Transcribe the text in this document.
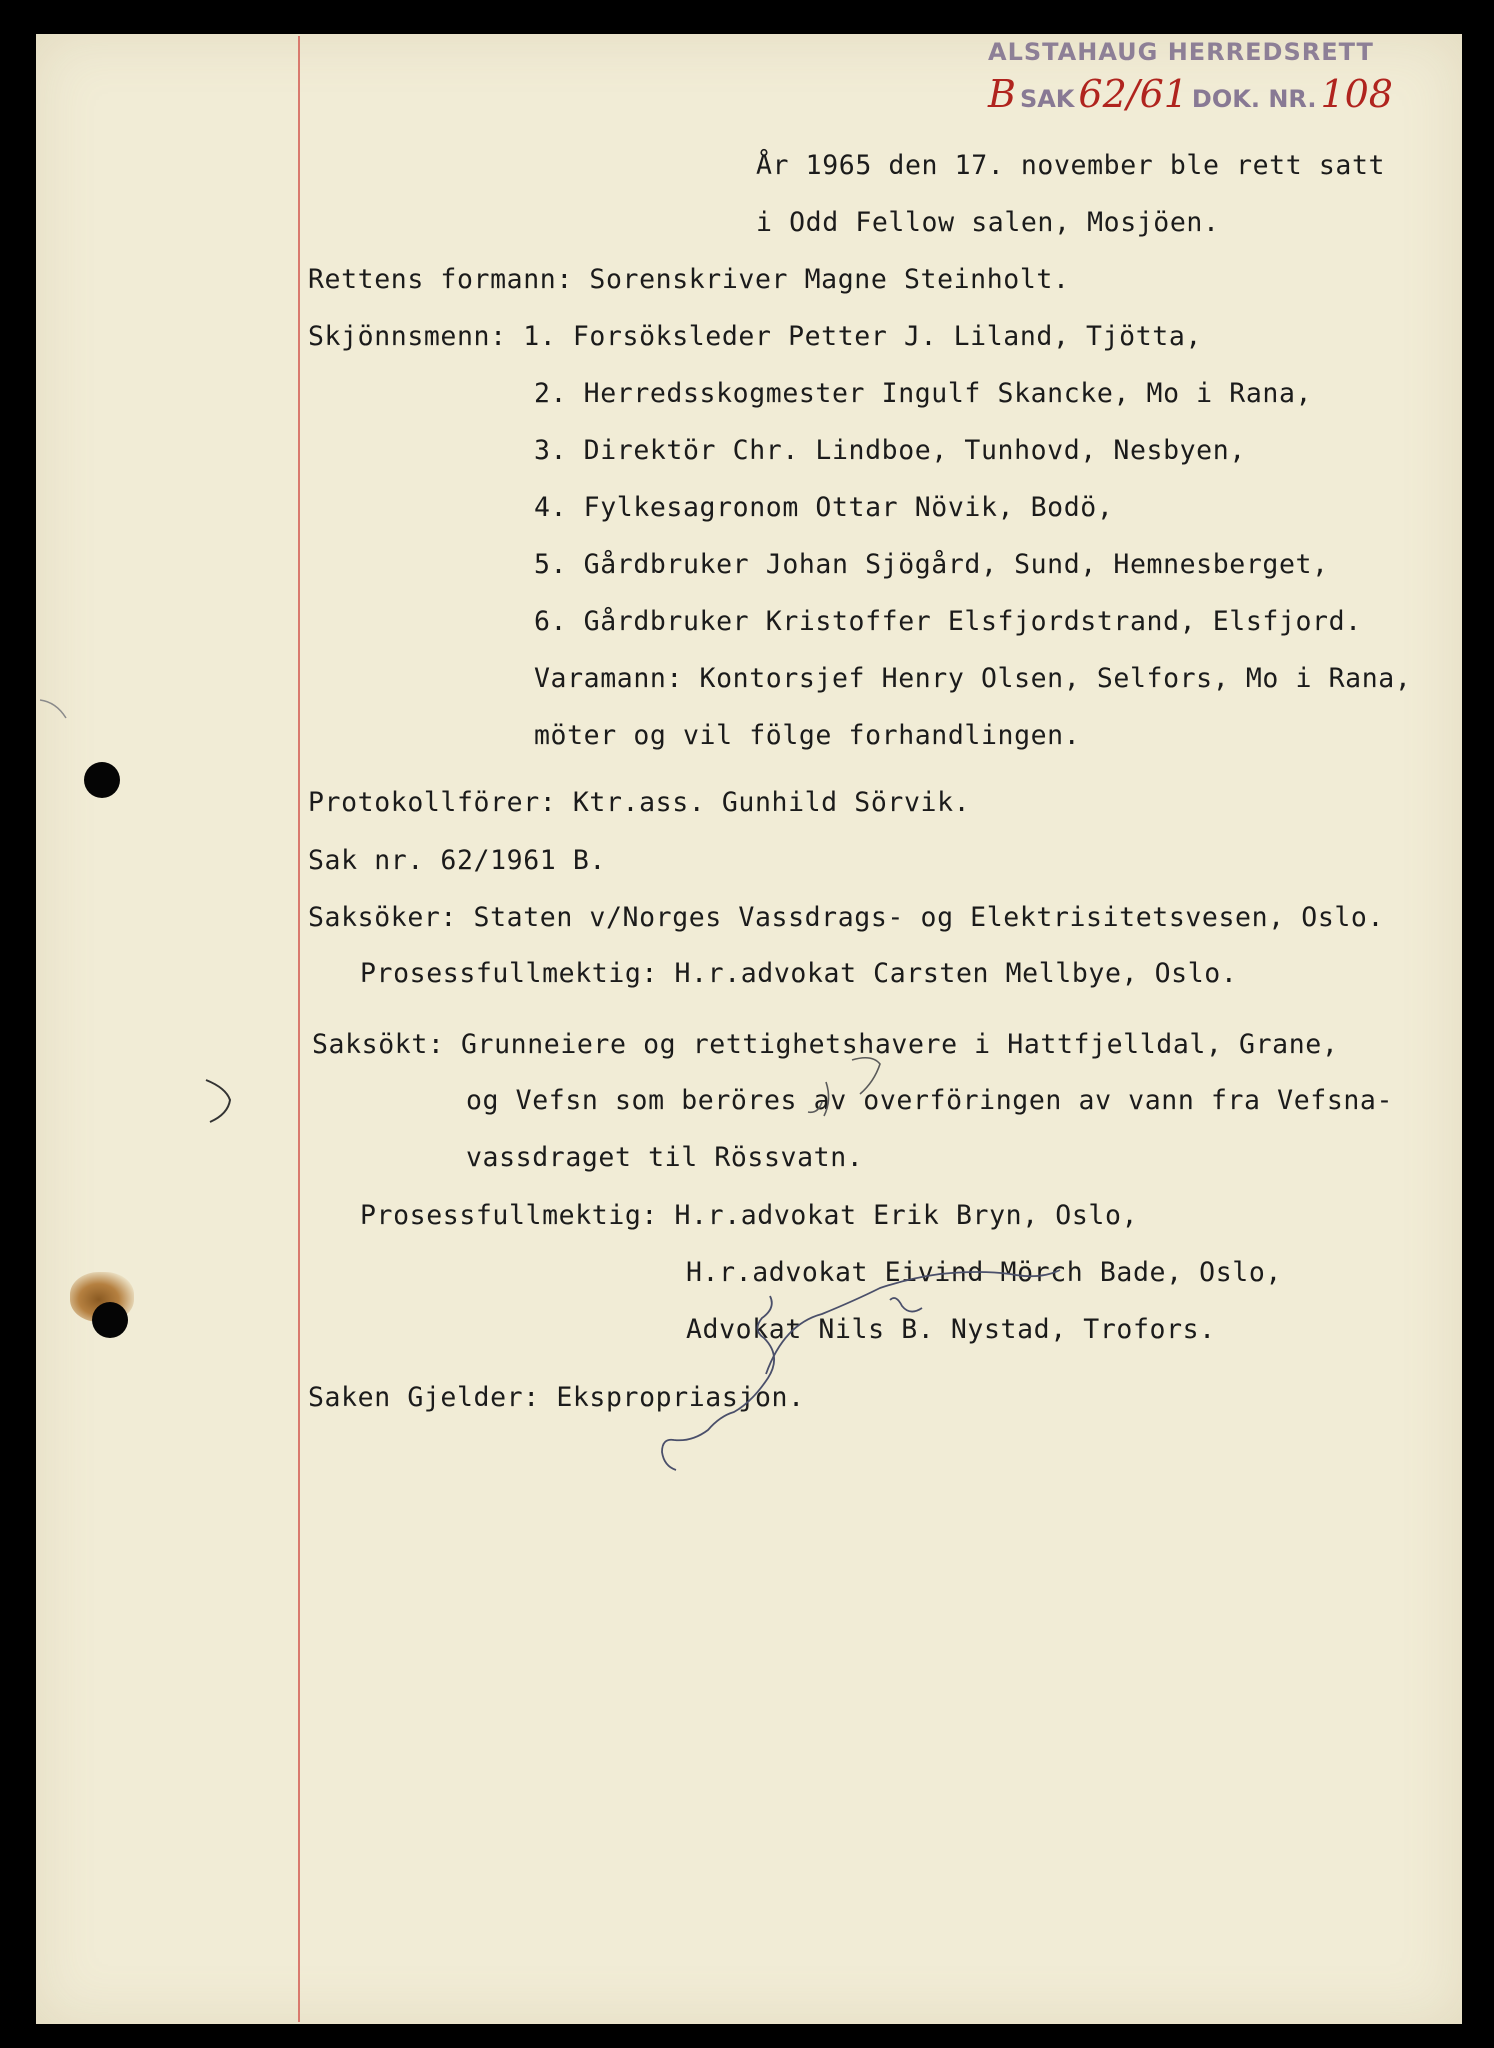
ALSTAHAUG HERREDSRETT
B SAK 62/61 DOK. NR. 108

År 1965 den 17. november ble rett satt

i Odd Fellow salen, Mosjöen.

Rettens formann: Sorenskriver Magne Steinholt.

Skjönnsmenn: 1. Forsöksleder Petter J. Liland, Tjötta,

2. Herredsskogmester Ingulf Skancke, Mo i Rana,

3. Direktör Chr. Lindboe, Tunhovd, Nesbyen,

4. Fylkesagronom Ottar Növik, Bodö,

5. Gårdbruker Johan Sjögård, Sund, Hemnesberget,

6. Gårdbruker Kristoffer Elsfjordstrand, Elsfjord.

Varamann: Kontorsjef Henry Olsen, Selfors, Mo i Rana,

möter og vil fölge forhandlingen.

Protokollförer: Ktr.ass. Gunhild Sörvik.

Sak nr. 62/1961 B.

Saksöker: Staten v/Norges Vassdrags- og Elektrisitetsvesen, Oslo.

Prosessfullmektig: H.r.advokat Carsten Mellbye, Oslo.

Saksökt: Grunneiere og rettighetshavere i Hattfjelldal, Grane,

og Vefsn som beröres av overföringen av vann fra Vefsna-

vassdraget til Rössvatn.

Prosessfullmektig: H.r.advokat Erik Bryn, Oslo,

H.r.advokat Eivind Mörch Bade, Oslo,

Advokat Nils B. Nystad, Trofors.

Saken Gjelder: Ekspropriasjon.
